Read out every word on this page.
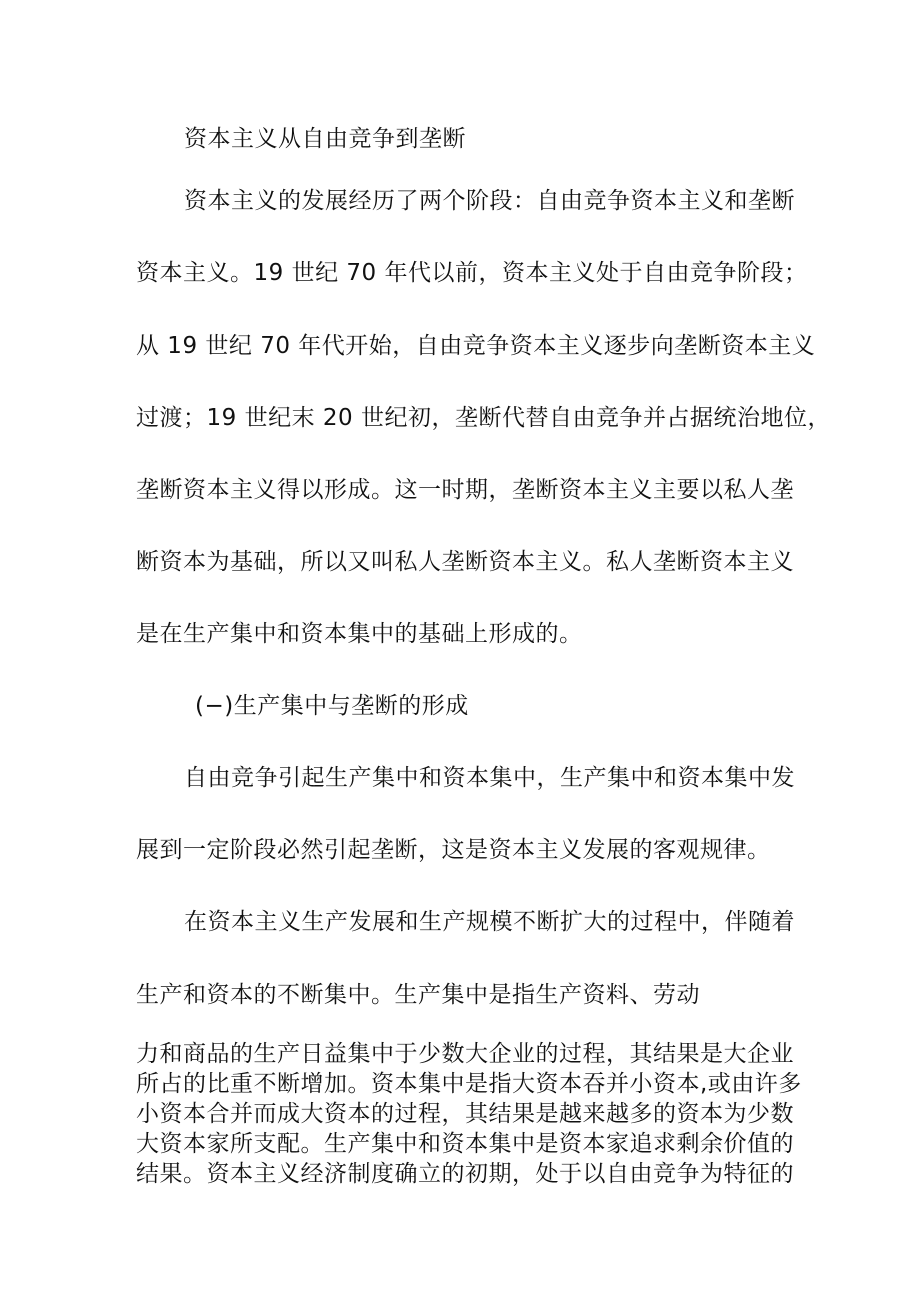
资本主义从自由竞争到垄断

资本主义的发展经历了两个阶段：自由竞争资本主义和垄断

资本主义。19 世纪 70 年代以前，资本主义处于自由竞争阶段；

从 19 世纪 70 年代开始，自由竞争资本主义逐步向垄断资本主义

过渡；19 世纪末 20 世纪初，垄断代替自由竞争并占据统治地位，

垄断资本主义得以形成。这一时期，垄断资本主义主要以私人垄

断资本为基础，所以又叫私人垄断资本主义。私人垄断资本主义

是在生产集中和资本集中的基础上形成的。

(−)生产集中与垄断的形成

自由竞争引起生产集中和资本集中，生产集中和资本集中发

展到一定阶段必然引起垄断，这是资本主义发展的客观规律。

在资本主义生产发展和生产规模不断扩大的过程中，伴随着

生产和资本的不断集中。生产集中是指生产资料、劳动

力和商品的生产日益集中于少数大企业的过程，其结果是大企业
所占的比重不断增加。资本集中是指大资本吞并小资本,或由许多
小资本合并而成大资本的过程，其结果是越来越多的资本为少数
大资本家所支配。生产集中和资本集中是资本家追求剩余价值的
结果。资本主义经济制度确立的初期，处于以自由竞争为特征的
